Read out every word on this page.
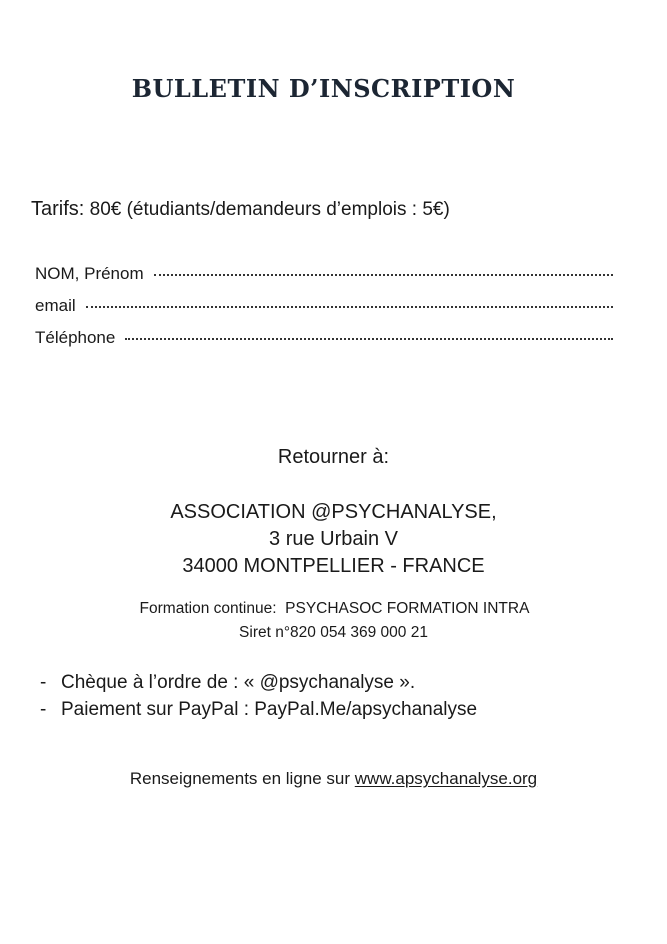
BULLETIN D’INSCRIPTION
Tarifs: 80€ (étudiants/demandeurs d’emplois : 5€)
NOM, Prénom
email
Téléphone
Retourner à:
ASSOCIATION @PSYCHANALYSE,
3 rue Urbain V
34000 MONTPELLIER - FRANCE
Formation continue:  PSYCHASOC FORMATION INTRA
Siret n°820 054 369 000 21
- Chèque à l’ordre de : « @psychanalyse ».
- Paiement sur PayPal : PayPal.Me/apsychanalyse
Renseignements en ligne sur www.apsychanalyse.org
